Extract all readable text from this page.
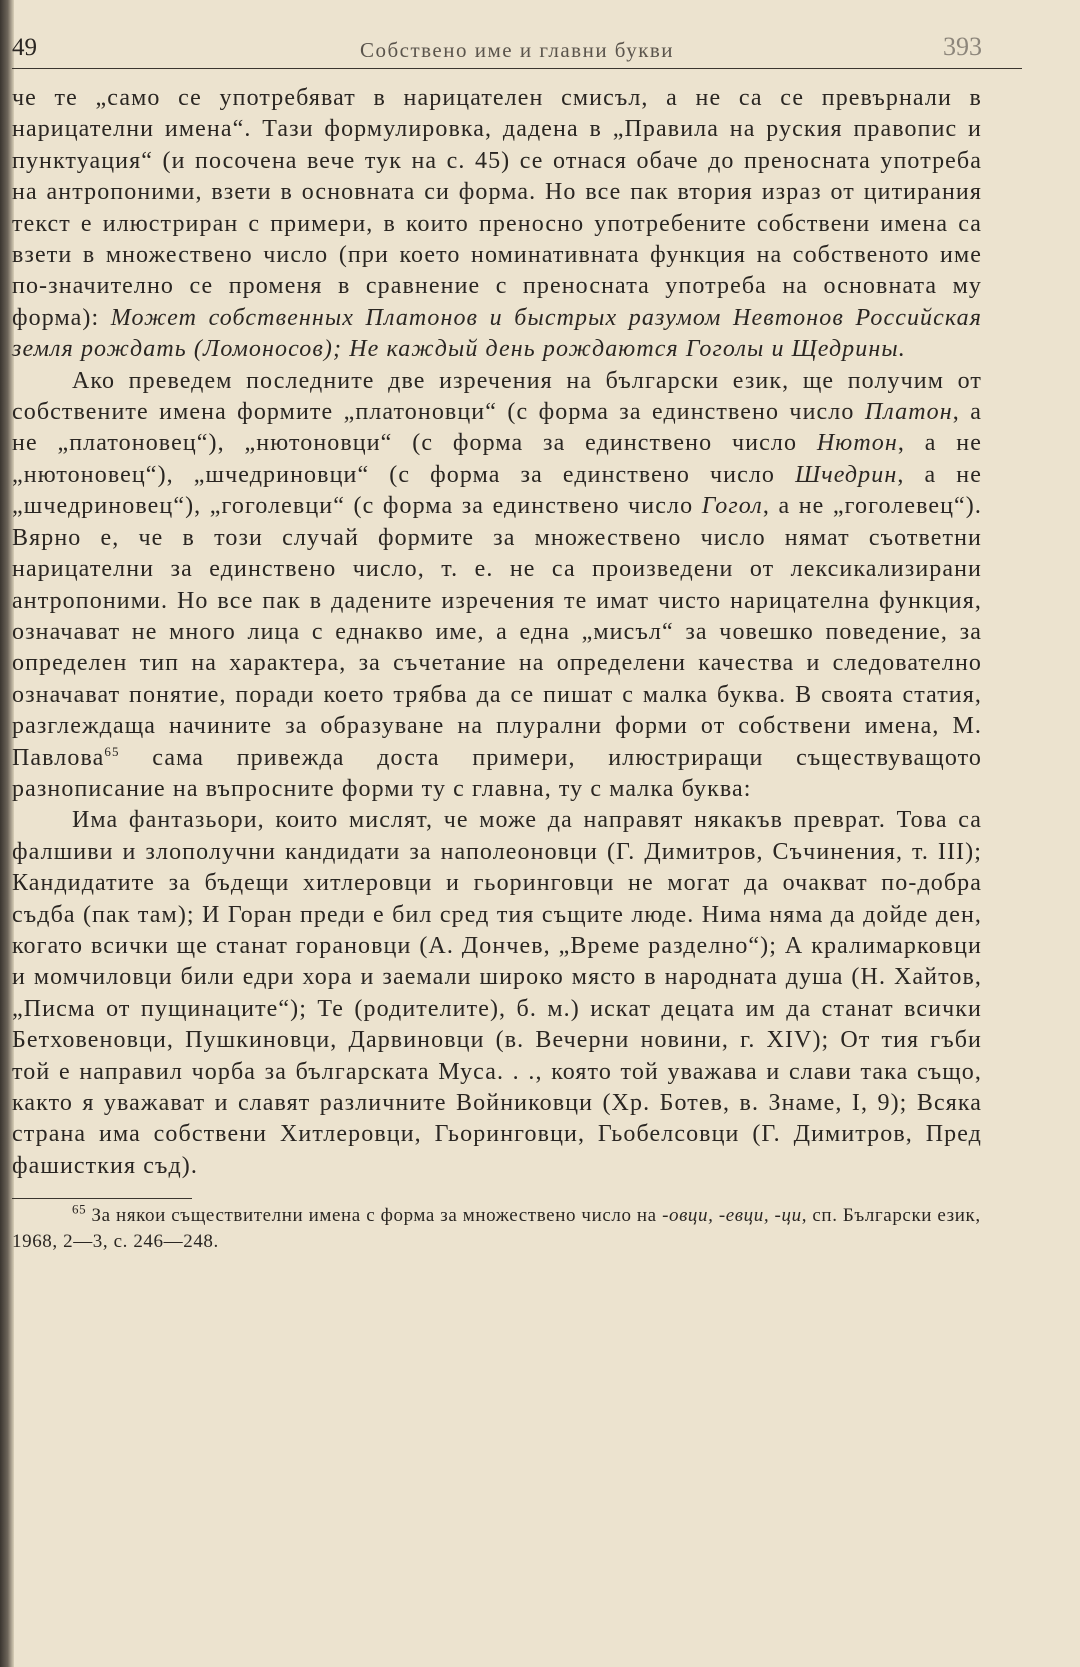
49	Собствено име и главни букви	393

че те „само се употребяват в нарицателен смисъл, а не са се превърнали в нарицателни имена“. Тази формулировка, дадена в „Правила на руския правопис и пунктуация“ (и посочена вече тук на с. 45) се отнася обаче до преносната употреба на антропоними, взети в основната си форма. Но все пак втория израз от цитирания текст е илюстриран с примери, в които преносно употребените собствени имена са взети в множествено число (при което номинативната функция на собственото име по-значително се променя в сравнение с преносната употреба на основната му форма): Может собственных Платонов и быстрых разумом Невтонов Российская земля рождать (Ломоносов); Не каждый день рождаются Гоголы и Щедрины.

Ако преведем последните две изречения на български език, ще получим от собствените имена формите „платоновци“ (с форма за единствено число Платон, а не „платоновец“), „нютоновци“ (с форма за единствено число Нютон, а не „нютоновец“), „шчедриновци“ (с форма за единствено число Шчедрин, а не „шчедриновец“), „гоголевци“ (с форма за единствено число Гогол, а не „гоголевец“). Вярно е, че в този случай формите за множествено число нямат съответни нарицателни за единствено число, т. е. не са произведени от лексикализирани антропоними. Но все пак в дадените изречения те имат чисто нарицателна функция, означават не много лица с еднакво име, а една „мисъл“ за човешко поведение, за определен тип на характера, за съчетание на определени качества и следователно означават понятие, поради което трябва да се пишат с малка буква. В своята статия, разглеждаща начините за образуване на плурални форми от собствени имена, М. Павлова$^{65}$ сама привежда доста примери, илюстриращи съществуващото разнописание на въпросните форми ту с главна, ту с малка буква:

Има фантазьори, които мислят, че може да направят някакъв преврат. Това са фалшиви и злополучни кандидати за наполеоновци (Г. Димитров, Съчинения, т. III); Кандидатите за бъдещи хитлеровци и гьоринговци не могат да очакват по-добра съдба (пак там); И Горан преди е бил сред тия същите люде. Нима няма да дойде ден, когато всички ще станат горановци (А. Дончев, „Време разделно“); А кралимарковци и момчиловци били едри хора и заемали широко място в народната душа (Н. Хайтов, „Писма от пущинаците“); Те (родителите), б. м.) искат децата им да станат всички Бетховеновци, Пушкиновци, Дарвиновци (в. Вечерни новини, г. XIV); От тия гъби той е направил чорба за българската Муса. . ., която той уважава и слави така също, както я уважават и славят различните Войниковци (Хр. Ботев, в. Знаме, I, 9); Всяка страна има собствени Хитлеровци, Гьоринговци, Гьобелсовци (Г. Димитров, Пред фашисткия съд).

$^{65}$ За някои съществителни имена с форма за множествено число на -овци, -евци, -ци, сп. Български език, 1968, 2—3, с. 246—248.
